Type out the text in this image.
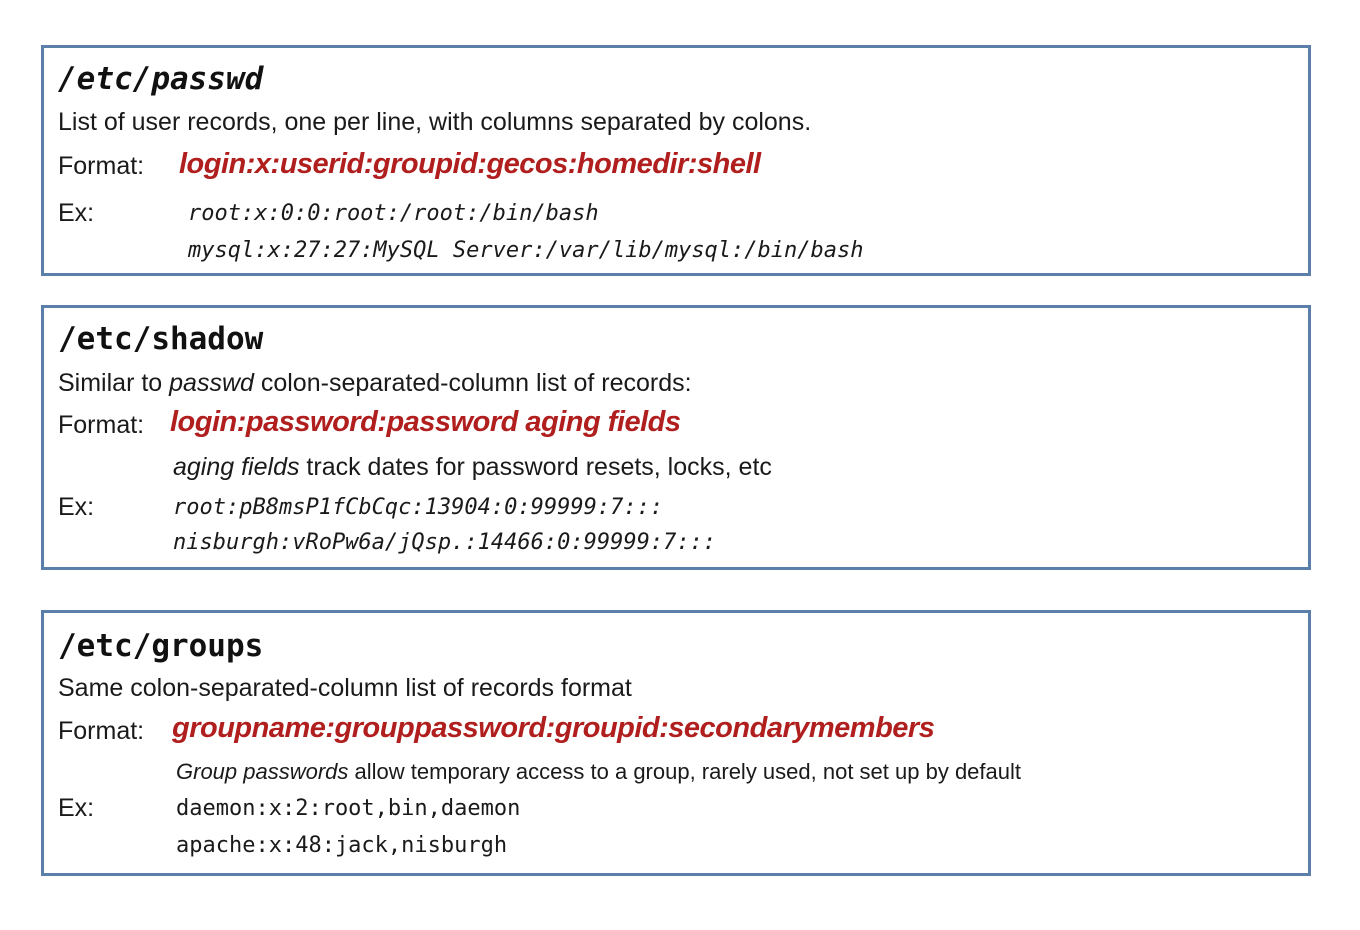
/etc/passwd
List of user records, one per line, with columns separated by colons.
Format: login:x:userid:groupid:gecos:homedir:shell
Ex:	root:x:0:0:root:/root:/bin/bash
mysql:x:27:27:MySQL Server:/var/lib/mysql:/bin/bash
/etc/shadow
Similar to passwd colon-separated-column list of records:
Format: login:password:password aging fields
aging fields track dates for password resets, locks, etc
Ex:	root:pB8msP1fCbCqc:13904:0:99999:7:::
nisburgh:vRoPw6a/jQsp.:14466:0:99999:7:::
/etc/groups
Same colon-separated-column list of records format
Format: groupname:grouppassword:groupid:secondarymembers
Group passwords allow temporary access to a group, rarely used, not set up by default
Ex:	daemon:x:2:root,bin,daemon
apache:x:48:jack,nisburgh
